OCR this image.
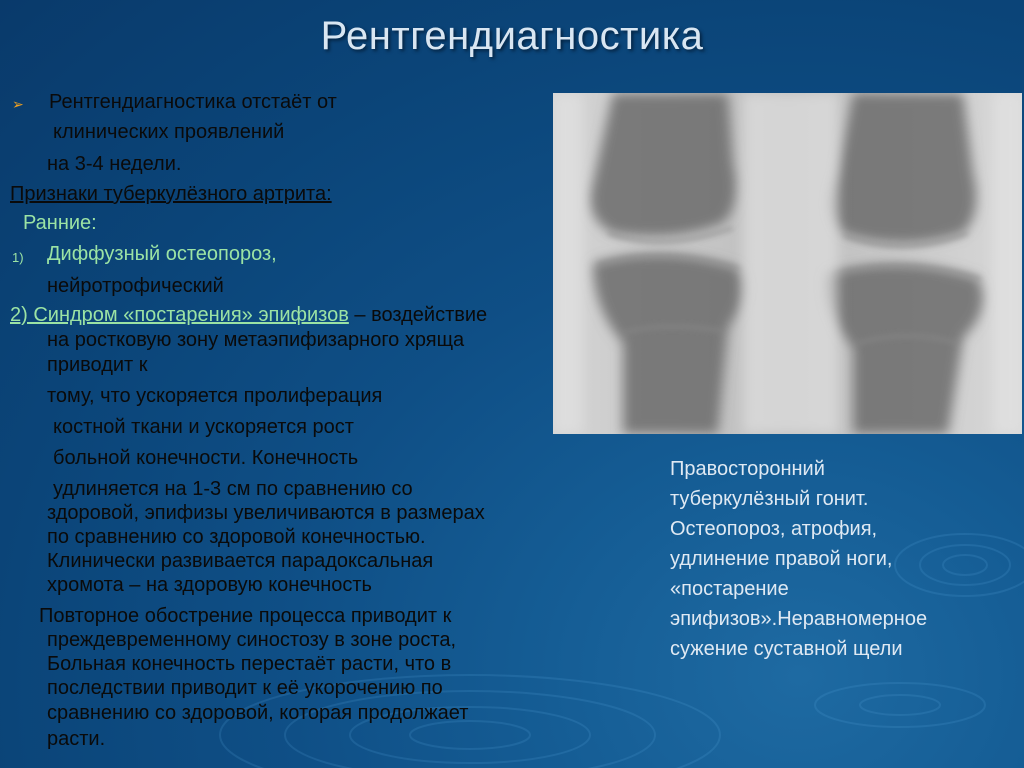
Рентгендиагностика
➢ Рентгендиагностика отстаёт от
клинических проявлений
на 3-4 недели.
Признаки туберкулёзного артрита:
Ранние:
1) Диффузный остеопороз,
нейротрофический
2) Синдром «постарения» эпифизов – воздействие
на ростковую зону метаэпифизарного хряща
приводит к
тому, что ускоряется пролиферация
костной ткани и ускоряется рост
больной конечности. Конечность
удлиняется на 1-3 см по сравнению со
здоровой, эпифизы увеличиваются в размерах
по сравнению со здоровой конечностью.
Клинически развивается парадоксальная
хромота – на здоровую конечность
Повторное обострение процесса приводит к
преждевременному синостозу в зоне роста,
Больная конечность перестаёт расти, что в
последствии приводит к её укорочению по
сравнению со здоровой, которая продолжает
расти.
Правосторонний
туберкулёзный гонит.
Остеопороз, атрофия,
удлинение правой ноги,
«постарение
эпифизов».Неравномерное
сужение суставной щели
